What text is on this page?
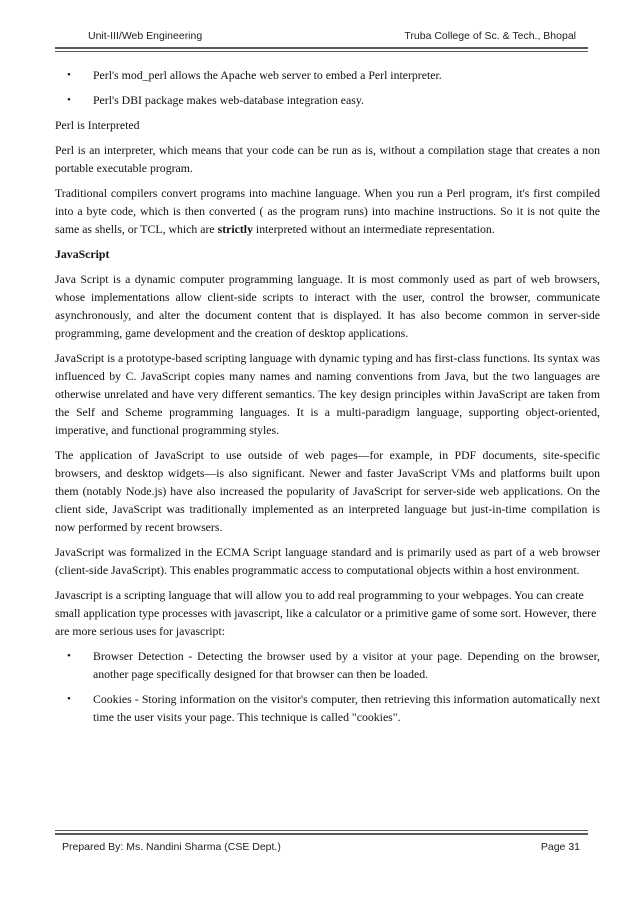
Unit-III/Web Engineering	Truba College of Sc. & Tech., Bhopal
• Perl's mod_perl allows the Apache web server to embed a Perl interpreter.
• Perl's DBI package makes web-database integration easy.

Perl is Interpreted

Perl is an interpreter, which means that your code can be run as is, without a compilation stage that creates a non portable executable program.

Traditional compilers convert programs into machine language. When you run a Perl program, it's first compiled into a byte code, which is then converted ( as the program runs) into machine instructions. So it is not quite the same as shells, or TCL, which are strictly interpreted without an intermediate representation.

JavaScript

Java Script is a dynamic computer programming language. It is most commonly used as part of web browsers, whose implementations allow client-side scripts to interact with the user, control the browser, communicate asynchronously, and alter the document content that is displayed. It has also become common in server-side programming, game development and the creation of desktop applications.

JavaScript is a prototype-based scripting language with dynamic typing and has first-class functions. Its syntax was influenced by C. JavaScript copies many names and naming conventions from Java, but the two languages are otherwise unrelated and have very different semantics. The key design principles within JavaScript are taken from the Self and Scheme programming languages. It is a multi-paradigm language, supporting object-oriented, imperative, and functional programming styles.

The application of JavaScript to use outside of web pages—for example, in PDF documents, site-specific browsers, and desktop widgets—is also significant. Newer and faster JavaScript VMs and platforms built upon them (notably Node.js) have also increased the popularity of JavaScript for server-side web applications. On the client side, JavaScript was traditionally implemented as an interpreted language but just-in-time compilation is now performed by recent browsers.

JavaScript was formalized in the ECMA Script language standard and is primarily used as part of a web browser (client-side JavaScript). This enables programmatic access to computational objects within a host environment.

Javascript is a scripting language that will allow you to add real programming to your webpages. You can create small application type processes with javascript, like a calculator or a primitive game of some sort. However, there are more serious uses for javascript:

• Browser Detection - Detecting the browser used by a visitor at your page. Depending on the browser, another page specifically designed for that browser can then be loaded.
• Cookies - Storing information on the visitor's computer, then retrieving this information automatically next time the user visits your page. This technique is called "cookies".
Prepared By: Ms. Nandini Sharma (CSE Dept.)	Page 31
